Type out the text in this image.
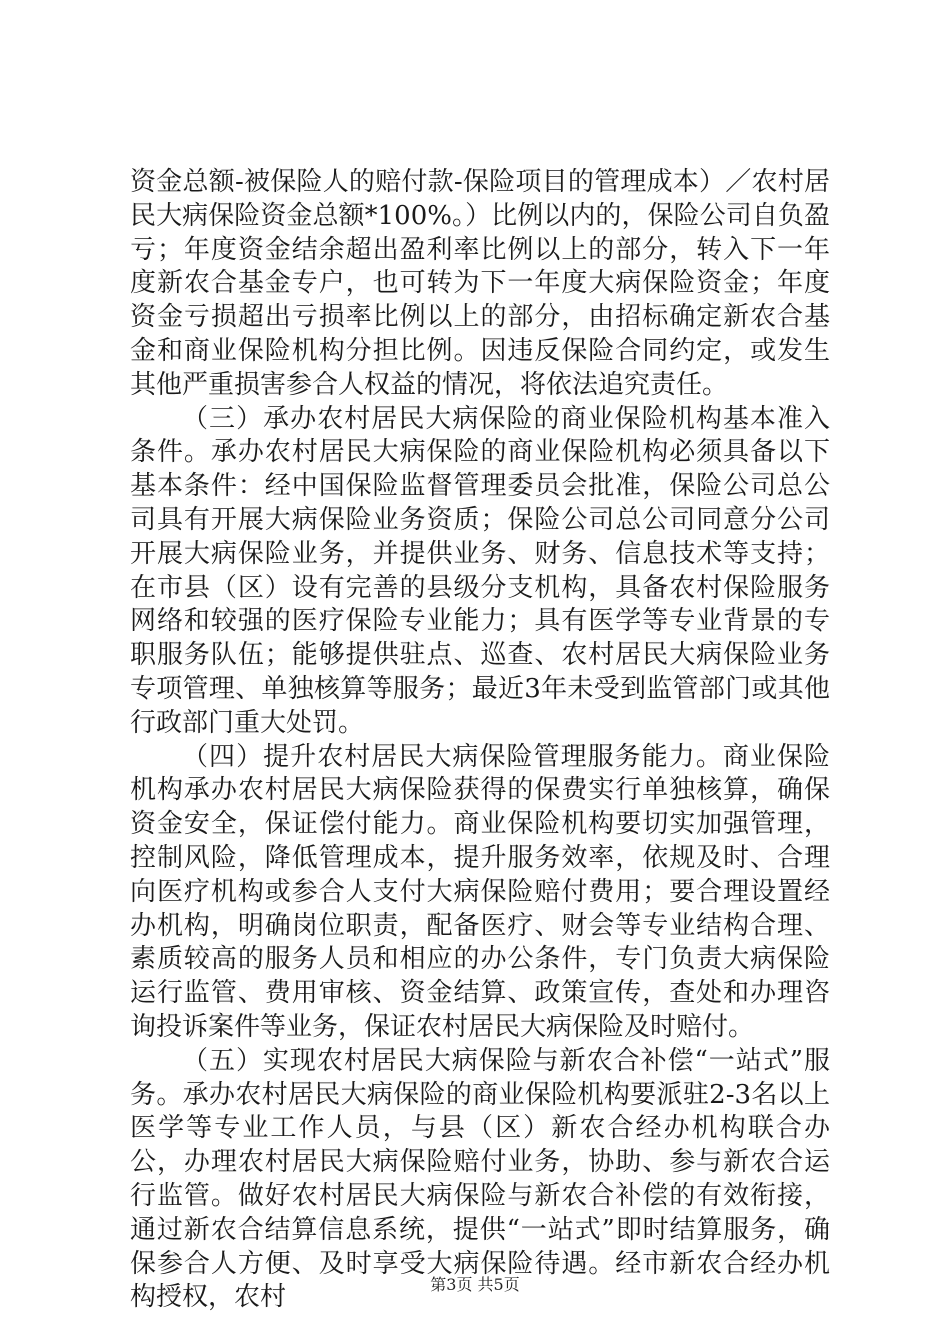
资金总额-被保险人的赔付款-保险项目的管理成本）／农村居民大病保险资金总额*100%。）比例以内的，保险公司自负盈亏；年度资金结余超出盈利率比例以上的部分，转入下一年度新农合基金专户，也可转为下一年度大病保险资金；年度资金亏损超出亏损率比例以上的部分，由招标确定新农合基金和商业保险机构分担比例。因违反保险合同约定，或发生其他严重损害参合人权益的情况，将依法追究责任。

（三）承办农村居民大病保险的商业保险机构基本准入条件。承办农村居民大病保险的商业保险机构必须具备以下基本条件：经中国保险监督管理委员会批准，保险公司总公司具有开展大病保险业务资质；保险公司总公司同意分公司开展大病保险业务，并提供业务、财务、信息技术等支持；在市县（区）设有完善的县级分支机构，具备农村保险服务网络和较强的医疗保险专业能力；具有医学等专业背景的专职服务队伍；能够提供驻点、巡查、农村居民大病保险业务专项管理、单独核算等服务；最近3年未受到监管部门或其他行政部门重大处罚。

（四）提升农村居民大病保险管理服务能力。商业保险机构承办农村居民大病保险获得的保费实行单独核算，确保资金安全，保证偿付能力。商业保险机构要切实加强管理，控制风险，降低管理成本，提升服务效率，依规及时、合理向医疗机构或参合人支付大病保险赔付费用；要合理设置经办机构，明确岗位职责，配备医疗、财会等专业结构合理、素质较高的服务人员和相应的办公条件，专门负责大病保险运行监管、费用审核、资金结算、政策宣传，查处和办理咨询投诉案件等业务，保证农村居民大病保险及时赔付。

（五）实现农村居民大病保险与新农合补偿“一站式”服务。承办农村居民大病保险的商业保险机构要派驻2-3名以上医学等专业工作人员，与县（区）新农合经办机构联合办公，办理农村居民大病保险赔付业务，协助、参与新农合运行监管。做好农村居民大病保险与新农合补偿的有效衔接，通过新农合结算信息系统，提供“一站式”即时结算服务，确保参合人方便、及时享受大病保险待遇。经市新农合经办机构授权，农村	第3页 共5页
